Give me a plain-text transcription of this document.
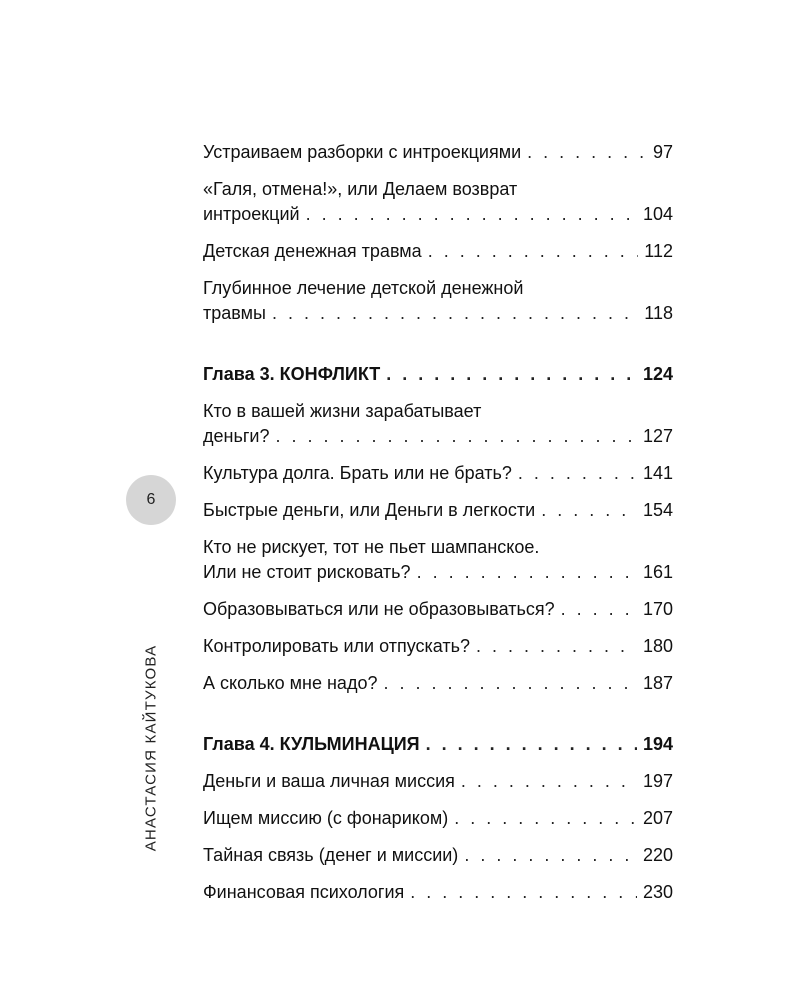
6
АНАСТАСИЯ КАЙТУКОВА
Устраиваем разборки с интроекциями . . .	97
«Галя, отмена!», или Делаем возврат
интроекций . . .	104
Детская денежная травма . . .	112
Глубинное лечение детской денежной
травмы . . .	118
Глава 3. КОНФЛИКТ . . .	124
Кто в вашей жизни зарабатывает
деньги? . . .	127
Культура долга. Брать или не брать? . . .	141
Быстрые деньги, или Деньги в легкости . . .	154
Кто не рискует, тот не пьет шампанское.
Или не стоит рисковать? . . .	161
Образовываться или не образовываться? . . .	170
Контролировать или отпускать? . . .	180
А сколько мне надо? . . .	187
Глава 4. КУЛЬМИНАЦИЯ . . .	194
Деньги и ваша личная миссия . . .	197
Ищем миссию (с фонариком) . . .	207
Тайная связь (денег и миссии) . . .	220
Финансовая психология . . .	230
